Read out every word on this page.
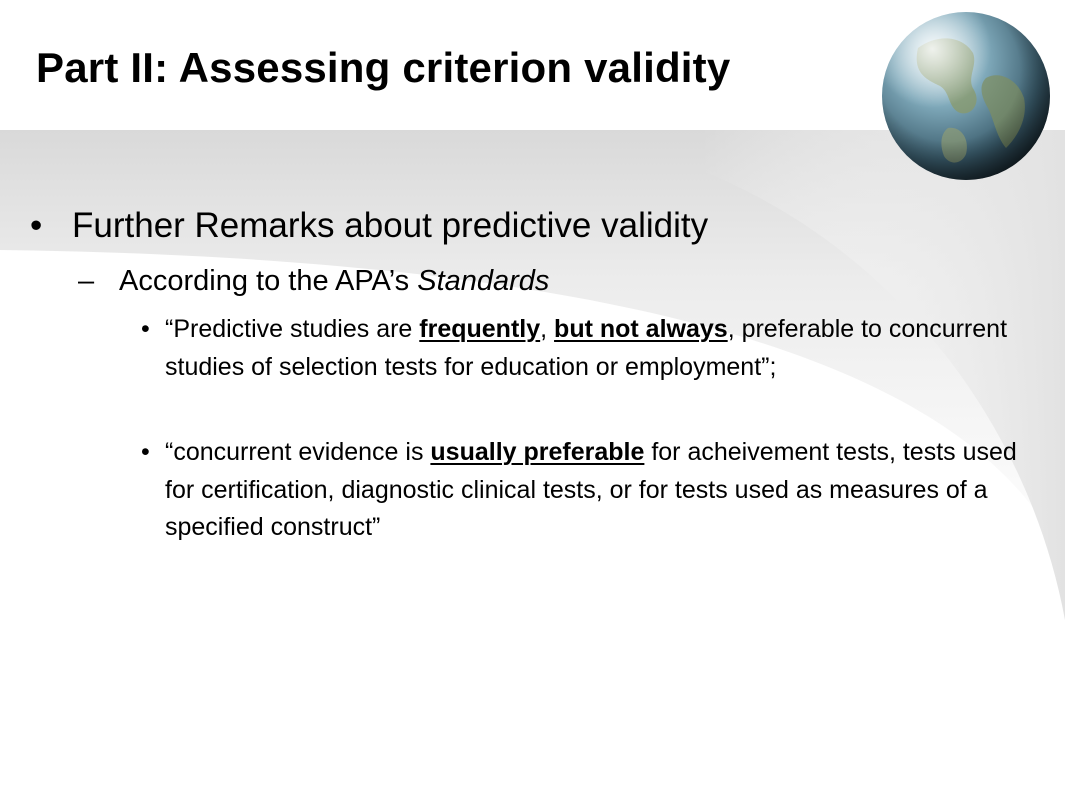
Part II: Assessing criterion validity

• Further Remarks about predictive validity

– According to the APA’s Standards

• “Predictive studies are frequently, but not always, preferable to concurrent studies of selection tests for education or employment”;
• “concurrent evidence is usually preferable for acheivement tests, tests used for certification, diagnostic clinical tests, or for tests used as measures of a specified construct”
